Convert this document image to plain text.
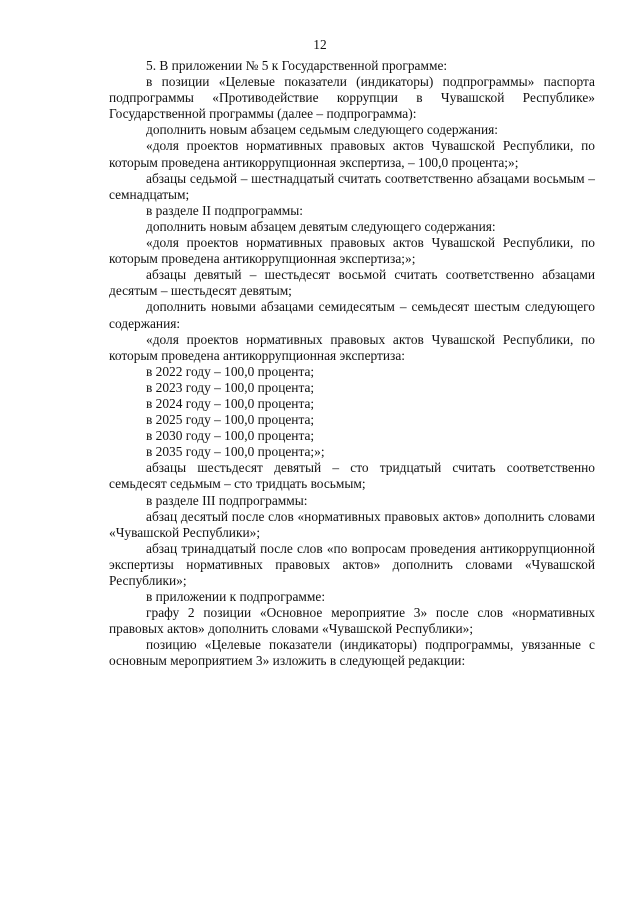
12

5. В приложении № 5 к Государственной программе:

в позиции «Целевые показатели (индикаторы) подпрограммы» паспорта подпрограммы «Противодействие коррупции в Чувашской Республике» Государственной программы (далее – подпрограмма):

дополнить новым абзацем седьмым следующего содержания:

«доля проектов нормативных правовых актов Чувашской Республики, по которым проведена антикоррупционная экспертиза, – 100,0 процента;»;

абзацы седьмой – шестнадцатый считать соответственно абзацами восьмым – семнадцатым;

в разделе II подпрограммы:

дополнить новым абзацем девятым следующего содержания:

«доля проектов нормативных правовых актов Чувашской Республики, по которым проведена антикоррупционная экспертиза;»;

абзацы девятый – шестьдесят восьмой считать соответственно абзацами десятым – шестьдесят девятым;

дополнить новыми абзацами семидесятым – семьдесят шестым следующего содержания:

«доля проектов нормативных правовых актов Чувашской Республики, по которым проведена антикоррупционная экспертиза:

в 2022 году – 100,0 процента;

в 2023 году – 100,0 процента;

в 2024 году – 100,0 процента;

в 2025 году – 100,0 процента;

в 2030 году – 100,0 процента;

в 2035 году – 100,0 процента;»;

абзацы шестьдесят девятый – сто тридцатый считать соответственно семьдесят седьмым – сто тридцать восьмым;

в разделе III подпрограммы:

абзац десятый после слов «нормативных правовых актов» дополнить словами «Чувашской Республики»;

абзац тринадцатый после слов «по вопросам проведения антикоррупционной экспертизы нормативных правовых актов» дополнить словами «Чувашской Республики»;

в приложении к подпрограмме:

графу 2 позиции «Основное мероприятие 3» после слов «нормативных правовых актов» дополнить словами «Чувашской Республики»;

позицию «Целевые показатели (индикаторы) подпрограммы, увязанные с основным мероприятием 3» изложить в следующей редакции:
